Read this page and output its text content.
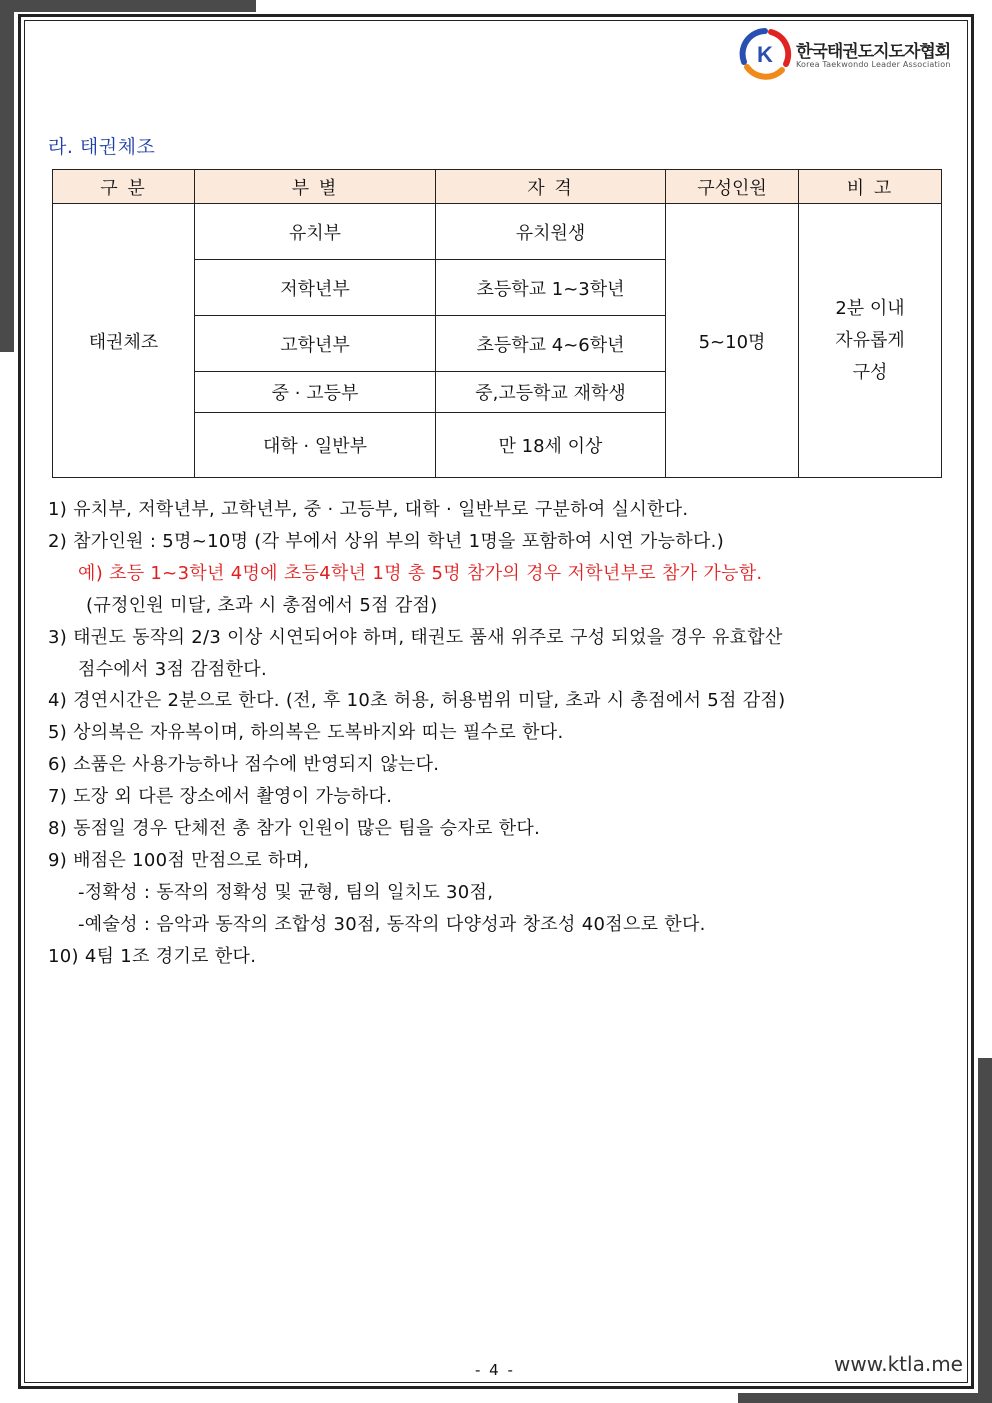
K 한국태권도지도자협회
Korea Taekwondo Leader Association
라. 태권체조
구 분	부 별	자 격	구성인원	비 고
태권체조	유치부	유치원생	5~10명	2분 이내
자유롭게
구성

	저학년부	초등학교 1~3학년		
	고학년부	초등학교 4~6학년		
	중 · 고등부	중,고등학교 재학생		
	대학 · 일반부	만 18세 이상		
1) 유치부, 저학년부, 고학년부, 중 · 고등부, 대학 · 일반부로 구분하여 실시한다.
2) 참가인원 : 5명~10명 (각 부에서 상위 부의 학년 1명을 포함하여 시연 가능하다.)
예) 초등 1~3학년 4명에 초등4학년 1명 총 5명 참가의 경우 저학년부로 참가 가능함.
(규정인원 미달, 초과 시 총점에서 5점 감점)
3) 태권도 동작의 2/3 이상 시연되어야 하며, 태권도 품새 위주로 구성 되었을 경우 유효합산
점수에서 3점 감점한다.
4) 경연시간은 2분으로 한다. (전, 후 10초 허용, 허용범위 미달, 초과 시 총점에서 5점 감점)
5) 상의복은 자유복이며, 하의복은 도복바지와 띠는 필수로 한다.
6) 소품은 사용가능하나 점수에 반영되지 않는다.
7) 도장 외 다른 장소에서 촬영이 가능하다.
8) 동점일 경우 단체전 총 참가 인원이 많은 팀을 승자로 한다.
9) 배점은 100점 만점으로 하며,
-정확성 : 동작의 정확성 및 균형, 팀의 일치도 30점,
-예술성 : 음악과 동작의 조합성 30점, 동작의 다양성과 창조성 40점으로 한다.
10) 4팀 1조 경기로 한다.
- 4 -	www.ktla.me
